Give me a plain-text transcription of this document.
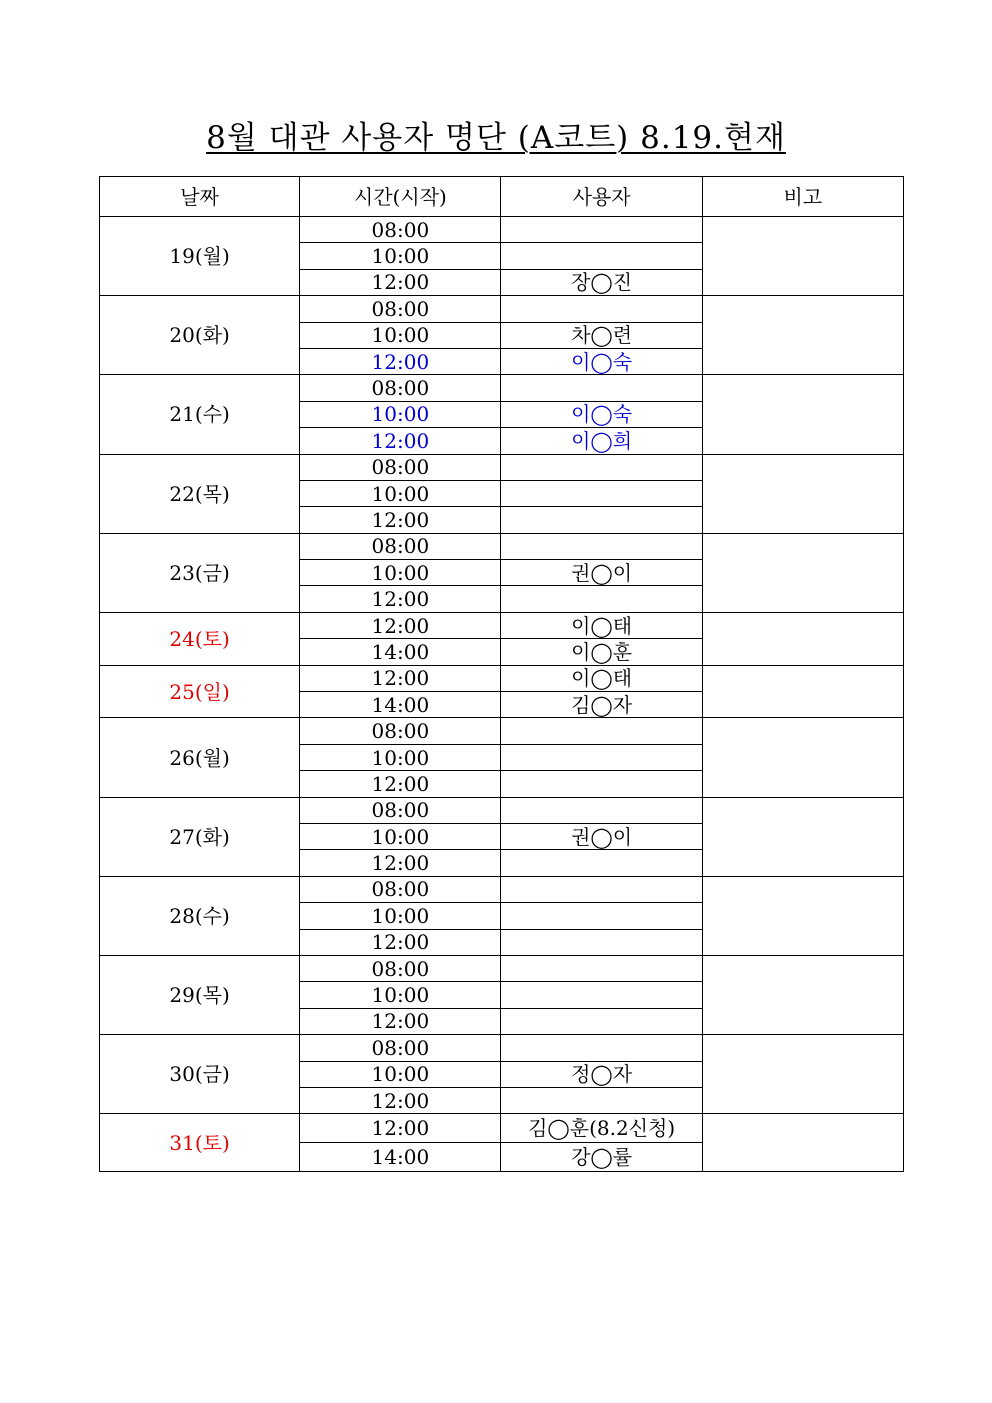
8월 대관 사용자 명단 (A코트) 8.19.현재
날짜	시간(시작)	사용자	비고
19(월)	08:00		
	10:00		
	12:00	장◯진	
20(화)	08:00		
	10:00	차◯련	
	12:00	이◯숙	
21(수)	08:00		
	10:00	이◯숙	
	12:00	이◯희	
22(목)	08:00		
	10:00		
	12:00		
23(금)	08:00		
	10:00	권◯이	
	12:00		
24(토)	12:00	이◯태	
	14:00	이◯훈	
25(일)	12:00	이◯태	
	14:00	김◯자	
26(월)	08:00		
	10:00		
	12:00		
27(화)	08:00		
	10:00	권◯이	
	12:00		
28(수)	08:00		
	10:00		
	12:00		
29(목)	08:00		
	10:00		
	12:00		
30(금)	08:00		
	10:00	정◯자	
	12:00		
31(토)	12:00	김◯훈(8.2신청)	
	14:00	강◯률	
